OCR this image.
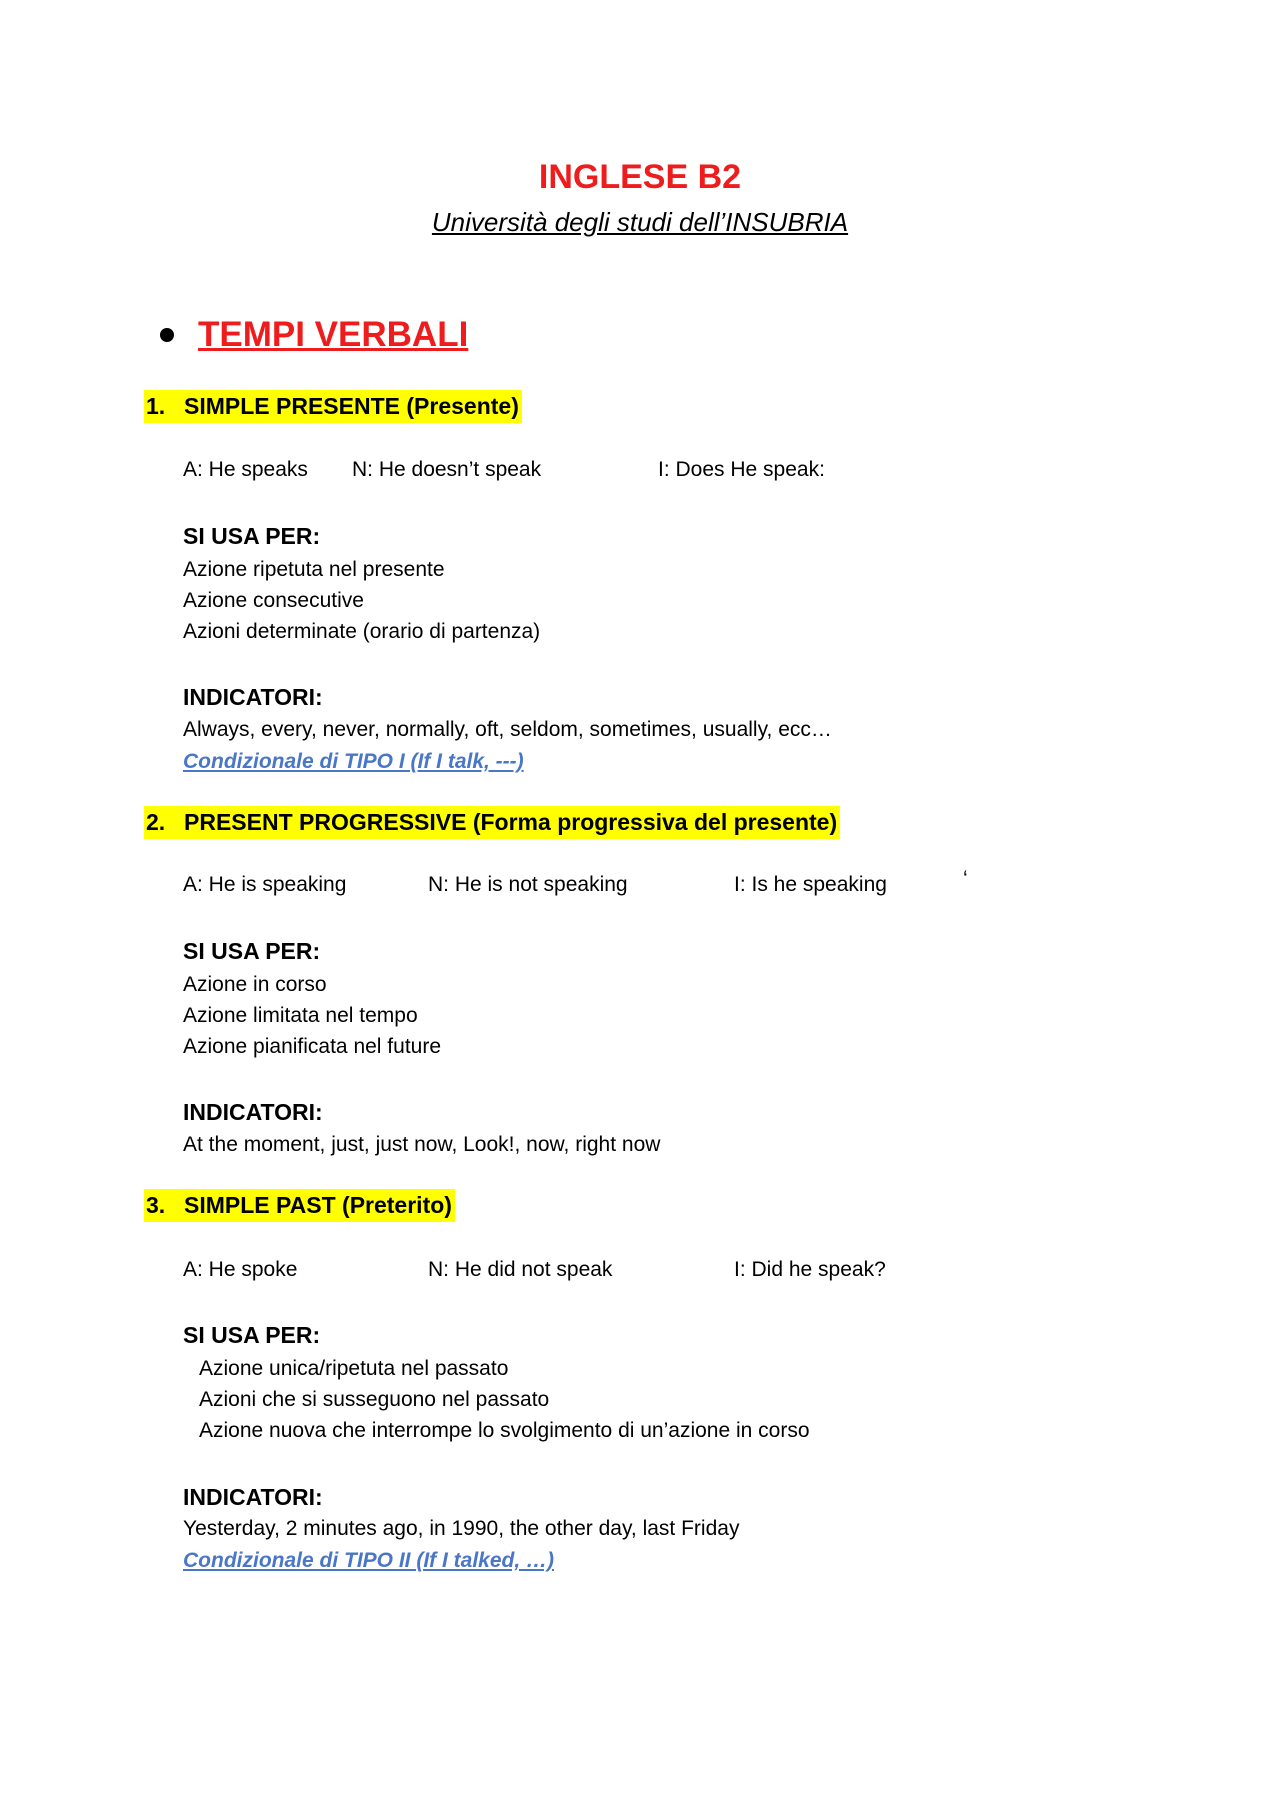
INGLESE B2
Università degli studi dell’INSUBRIA
TEMPI VERBALI
1. SIMPLE PRESENTE (Presente)
A: He speaks N: He doesn’t speak	I: Does He speak:
SI USA PER:
Azione ripetuta nel presente
Azione consecutive
Azioni determinate (orario di partenza)
INDICATORI:
Always, every, never, normally, oft, seldom, sometimes, usually, ecc…
Condizionale di TIPO I (If I talk, ---)
2. PRESENT PROGRESSIVE (Forma progressiva del presente)
A: He is speaking	N: He is not speaking	I: Is he speaking	‘
SI USA PER:
Azione in corso
Azione limitata nel tempo
Azione pianificata nel future
INDICATORI:
At the moment, just, just now, Look!, now, right now
3. SIMPLE PAST (Preterito)
A: He spoke	N: He did not speak	I: Did he speak?
SI USA PER:
Azione unica/ripetuta nel passato
Azioni che si susseguono nel passato
Azione nuova che interrompe lo svolgimento di un’azione in corso
INDICATORI:
Yesterday, 2 minutes ago, in 1990, the other day, last Friday
Condizionale di TIPO II (If I talked, …)
